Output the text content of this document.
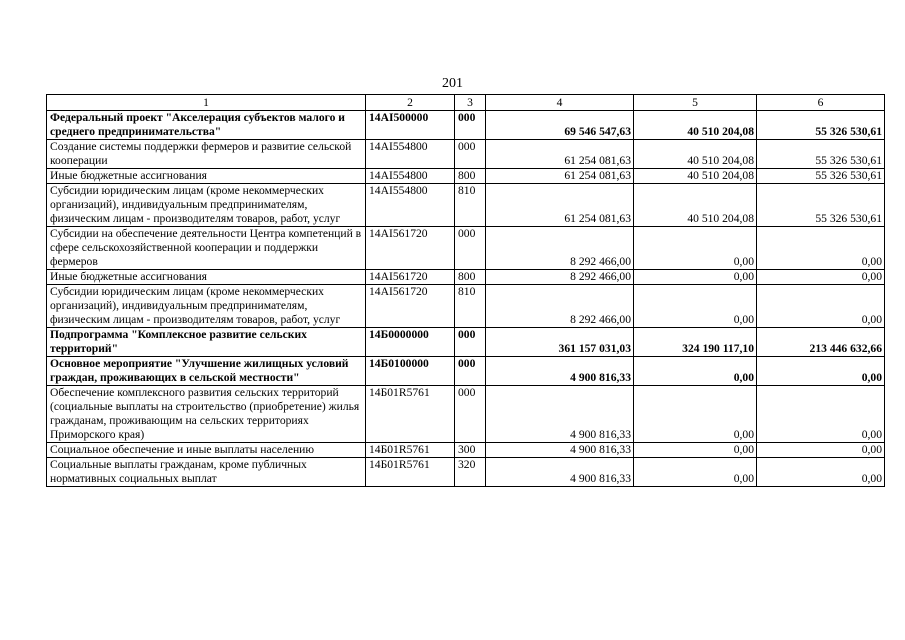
201
1	2	3	4	5	6
Федеральный проект "Акселерация субъектов малого и среднего предпринимательства"	14AI500000	000	69 546 547,63	40 510 204,08	55 326 530,61
Создание системы поддержки фермеров и развитие сельской кооперации	14AI554800	000	61 254 081,63	40 510 204,08	55 326 530,61
Иные бюджетные ассигнования	14AI554800	800	61 254 081,63	40 510 204,08	55 326 530,61
Субсидии юридическим лицам (кроме некоммерческих организаций), индивидуальным предпринимателям, физическим лицам - производителям товаров, работ, услуг	14AI554800	810	61 254 081,63	40 510 204,08	55 326 530,61
Субсидии на обеспечение деятельности Центра компетенций в сфере сельскохозяйственной кооперации и поддержки фермеров	14AI561720	000	8 292 466,00	0,00	0,00
Иные бюджетные ассигнования	14AI561720	800	8 292 466,00	0,00	0,00
Субсидии юридическим лицам (кроме некоммерческих организаций), индивидуальным предпринимателям, физическим лицам - производителям товаров, работ, услуг	14AI561720	810	8 292 466,00	0,00	0,00
Подпрограмма "Комплексное развитие сельских территорий"	14Б0000000	000	361 157 031,03	324 190 117,10	213 446 632,66
Основное мероприятие "Улучшение жилищных условий граждан, проживающих в сельской местности"	14Б0100000	000	4 900 816,33	0,00	0,00
Обеспечение комплексного развития сельских территорий (социальные выплаты на строительство (приобретение) жилья гражданам, проживающим на сельских территориях Приморского края)	14Б01R5761	000	4 900 816,33	0,00	0,00
Социальное обеспечение и иные выплаты населению	14Б01R5761	300	4 900 816,33	0,00	0,00
Социальные выплаты гражданам, кроме публичных нормативных социальных выплат	14Б01R5761	320	4 900 816,33	0,00	0,00
